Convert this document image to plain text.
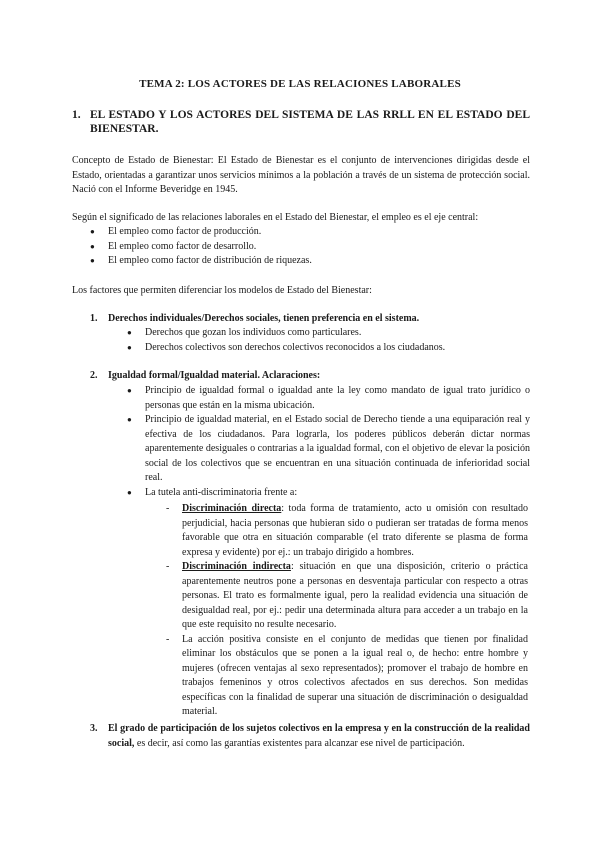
TEMA 2: LOS ACTORES DE LAS RELACIONES LABORALES
1. EL ESTADO Y LOS ACTORES DEL SISTEMA DE LAS RRLL EN EL ESTADO DEL BIENESTAR.
Concepto de Estado de Bienestar: El Estado de Bienestar es el conjunto de intervenciones dirigidas desde el Estado, orientadas a garantizar unos servicios mínimos a la población a través de un sistema de protección social. Nació con el Informe Beveridge en 1945.
Según el significado de las relaciones laborales en el Estado del Bienestar, el empleo es el eje central:
● El empleo como factor de producción.
● El empleo como factor de desarrollo.
● El empleo como factor de distribución de riquezas.
Los factores que permiten diferenciar los modelos de Estado del Bienestar:
1.	Derechos individuales/Derechos sociales, tienen preferencia en el sistema.
● Derechos que gozan los individuos como particulares.
● Derechos colectivos son derechos colectivos reconocidos a los ciudadanos.
2.	Igualdad formal/Igualdad material. Aclaraciones:
● Principio de igualdad formal o igualdad ante la ley como mandato de igual trato jurídico o personas que están en la misma ubicación.
● Principio de igualdad material, en el Estado social de Derecho tiende a una equiparación real y efectiva de los ciudadanos. Para lograrla, los poderes públicos deberán dictar normas aparentemente desiguales o contrarias a la igualdad formal, con el objetivo de elevar la posición social de los colectivos que se encuentran en una situación continuada de inferioridad social real.
● La tutela anti-discriminatoria frente a:
- Discriminación directa: toda forma de tratamiento, acto u omisión con resultado perjudicial, hacia personas que hubieran sido o pudieran ser tratadas de forma menos favorable que otra en situación comparable (el trato diferente se plasma de forma expresa y evidente) por ej.: un trabajo dirigido a hombres.
- Discriminación indirecta: situación en que una disposición, criterio o práctica aparentemente neutros pone a personas en desventaja particular con respecto a otras personas. El trato es formalmente igual, pero la realidad evidencia una situación de desigualdad real, por ej.: pedir una determinada altura para acceder a un trabajo en la que este requisito no resulte necesario.
- La acción positiva consiste en el conjunto de medidas que tienen por finalidad eliminar los obstáculos que se ponen a la igual real o, de hecho: entre hombre y mujeres (ofrecen ventajas al sexo representados); promover el trabajo de hombre en trabajos femeninos y otros colectivos afectados en sus derechos. Son medidas específicas con la finalidad de superar una situación de discriminación o desigualdad material.
3.	El grado de participación de los sujetos colectivos en la empresa y en la construcción de la realidad social, es decir, así como las garantías existentes para alcanzar ese nivel de participación.
